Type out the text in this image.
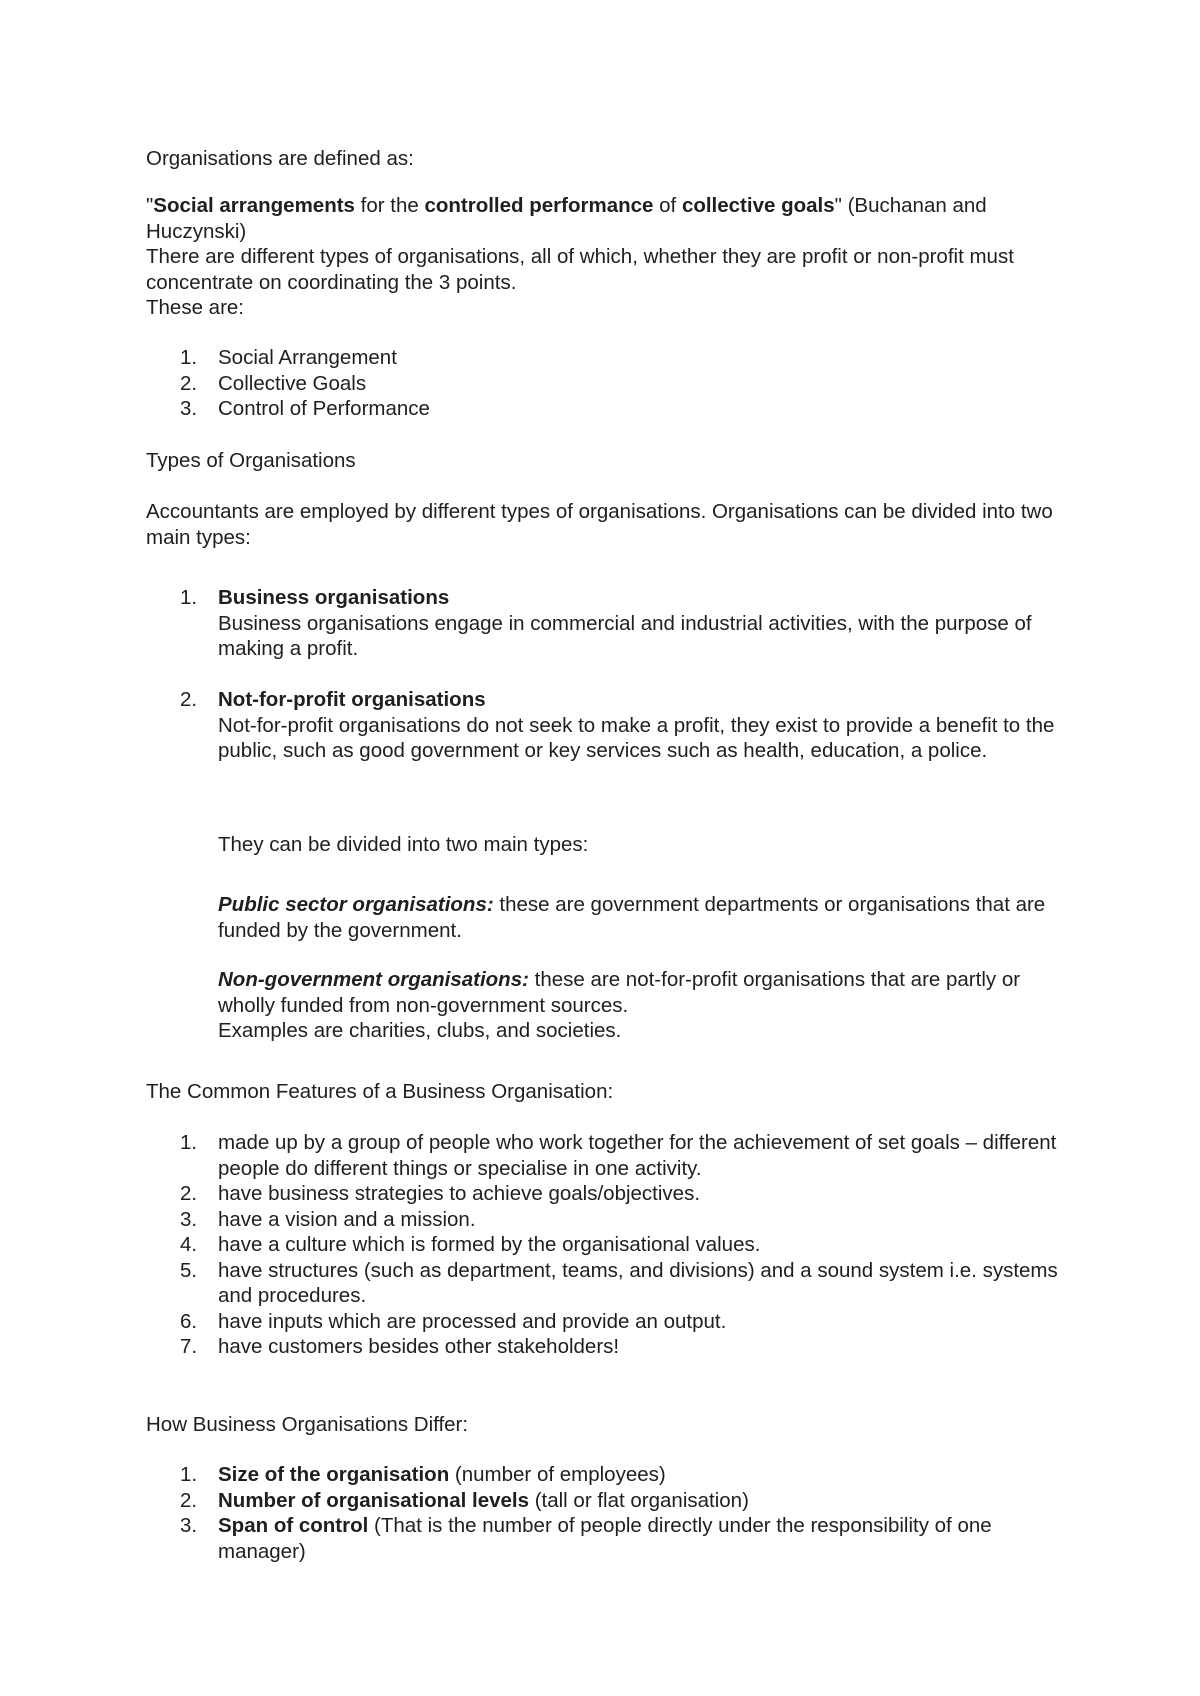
Organisations are defined as:

"Social arrangements for the controlled performance of collective goals" (Buchanan and Huczynski)

There are different types of organisations, all of which, whether they are profit or non-profit must concentrate on coordinating the 3 points.

These are:

1. Social Arrangement
2. Collective Goals
3. Control of Performance

Types of Organisations

Accountants are employed by different types of organisations. Organisations can be divided into two main types:

1. Business organisations
Business organisations engage in commercial and industrial activities, with the purpose of making a profit.
2. Not-for-profit organisations
Not-for-profit organisations do not seek to make a profit, they exist to provide a benefit to the public, such as good government or key services such as health, education, a police.

They can be divided into two main types:

Public sector organisations: these are government departments or organisations that are funded by the government.

Non-government organisations: these are not-for-profit organisations that are partly or wholly funded from non-government sources.

Examples are charities, clubs, and societies.

The Common Features of a Business Organisation:

1. made up by a group of people who work together for the achievement of set goals – different people do different things or specialise in one activity.
2. have business strategies to achieve goals/objectives.
3. have a vision and a mission.
4. have a culture which is formed by the organisational values.
5. have structures (such as department, teams, and divisions) and a sound system i.e. systems and procedures.
6. have inputs which are processed and provide an output.
7. have customers besides other stakeholders!

How Business Organisations Differ:

1. Size of the organisation (number of employees)
2. Number of organisational levels (tall or flat organisation)
3. Span of control (That is the number of people directly under the responsibility of one manager)
